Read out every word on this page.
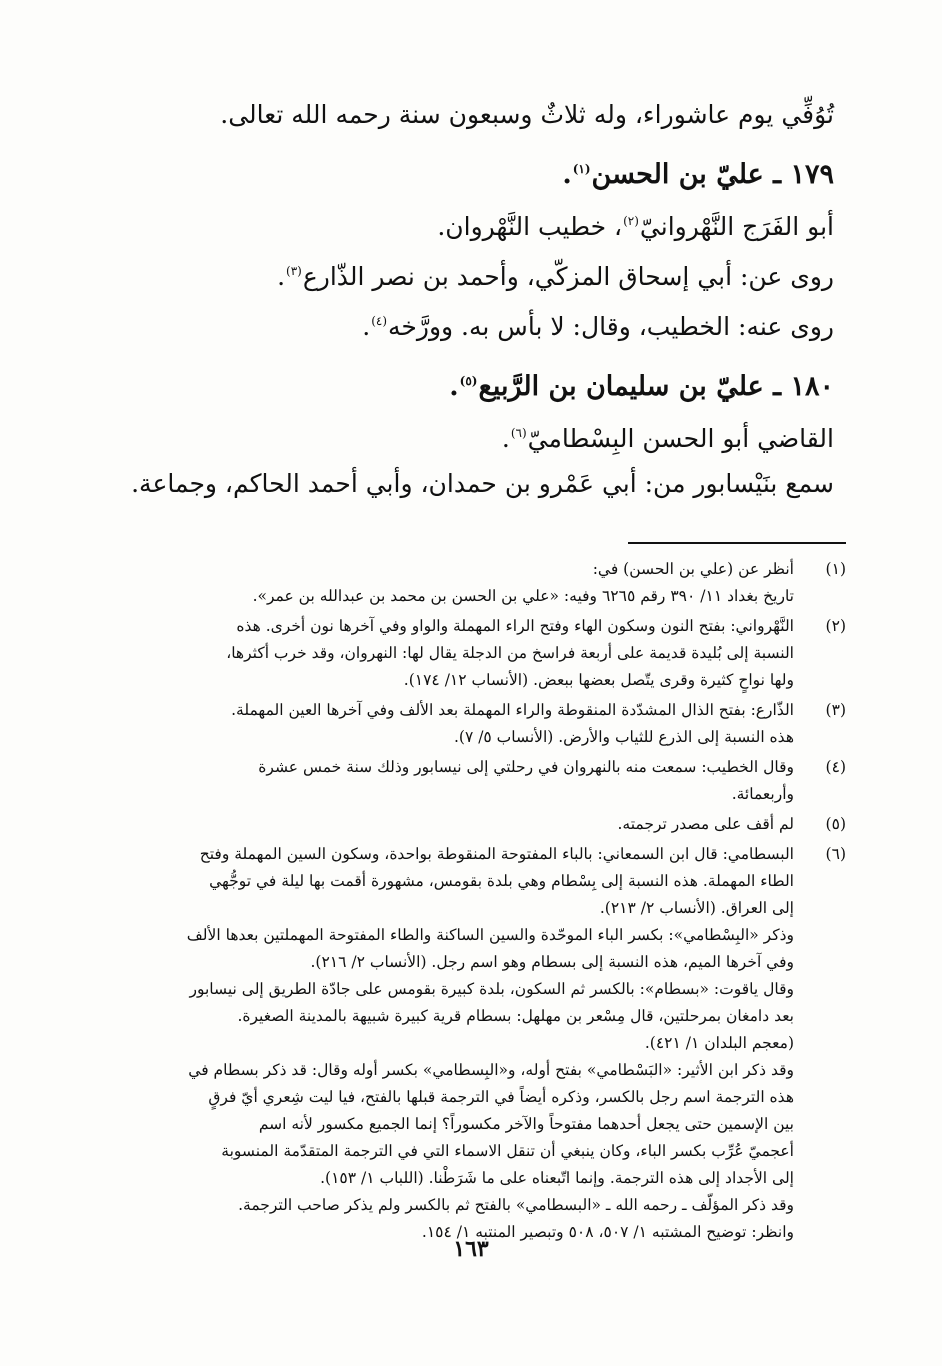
تُوُفِّي يوم عاشوراء، وله ثلاثٌ وسبعون سنة رحمه الله تعالى.
١٧٩ ـ عليّ بن الحسن$^{(١)}$.
أبو الفَرَج النَّهْروانيّ$^{(٢)}$، خطيب النَّهْروان.
روى عن: أبي إسحاق المزكّي، وأحمد بن نصر الذّارع$^{(٣)}$.
روى عنه: الخطيب، وقال: لا بأس به. وورَّخه$^{(٤)}$.
١٨٠ ـ عليّ بن سليمان بن الرَّبيع$^{(٥)}$.
القاضي أبو الحسن البِسْطاميّ$^{(٦)}$.
سمع بنَيْسابور من: أبي عَمْرو بن حمدان، وأبي أحمد الحاكم، وجماعة.
(١)
أنظر عن (علي بن الحسن) في:
تاريخ بغداد ١١/ ٣٩٠ رقم ٦٢٦٥ وفيه: «علي بن الحسن بن محمد بن عبدالله بن عمر».
(٢)
النَّهْرواني: بفتح النون وسكون الهاء وفتح الراء المهملة والواو وفي آخرها نون أخرى. هذه
النسبة إلى بُليدة قديمة على أربعة فراسخ من الدجلة يقال لها: النهروان، وقد خرب أكثرها،
ولها نواحٍ كثيرة وقرى يتّصل بعضها ببعض. (الأنساب ١٢/ ١٧٤).
(٣)
الذّارع: بفتح الذال المشدّدة المنقوطة والراء المهملة بعد الألف وفي آخرها العين المهملة.
هذه النسبة إلى الذرع للثياب والأرض. (الأنساب ٥/ ٧).
(٤)
وقال الخطيب: سمعت منه بالنهروان في رحلتي إلى نيسابور وذلك سنة خمس عشرة
وأربعمائة.
(٥)
لم أقف على مصدر ترجمته.
(٦)
البسطامي: قال ابن السمعاني: بالباء المفتوحة المنقوطة بواحدة، وسكون السين المهملة وفتح
الطاء المهملة. هذه النسبة إلى بِسْطام وهي بلدة بقومس، مشهورة أقمت بها ليلة في توجُّهي
إلى العراق. (الأنساب ٢/ ٢١٣).
وذكر «البِسْطامي»: بكسر الباء الموحّدة والسين الساكنة والطاء المفتوحة المهملتين بعدها الألف
وفي آخرها الميم، هذه النسبة إلى بسطام وهو اسم رجل. (الأنساب ٢/ ٢١٦).
وقال ياقوت: «بسطام»: بالكسر ثم السكون، بلدة كبيرة بقومس على جادّة الطريق إلى نيسابور
بعد دامغان بمرحلتين، قال مِسْعر بن مهلهل: بسطام قرية كبيرة شبيهة بالمدينة الصغيرة.
(معجم البلدان ١/ ٤٢١).
وقد ذكر ابن الأثير: «البَسْطامي» بفتح أوله، و«البِسطامي» بكسر أوله وقال: قد ذكر بسطام في
هذه الترجمة اسم رجل بالكسر، وذكره أيضاً في الترجمة قبلها بالفتح، فيا ليت شِعري أيّ فرقٍ
بين الإسمين حتى يجعل أحدهما مفتوحاً والآخر مكسوراً؟ إنما الجميع مكسور لأنه اسم
أعجميّ عُرِّب بكسر الباء، وكان ينبغي أن تنقل الاسماء التي في الترجمة المتقدّمة المنسوبة
إلى الأجداد إلى هذه الترجمة. وإنما اتّبعناه على ما شَرَطْنا. (اللباب ١/ ١٥٣).
وقد ذكر المؤلّف ـ رحمه الله ـ «البسطامي» بالفتح ثم بالكسر ولم يذكر صاحب الترجمة.
وانظر: توضيح المشتبه ١/ ٥٠٧، ٥٠٨ وتبصير المنتبه ١/ ١٥٤.
١٦٣
